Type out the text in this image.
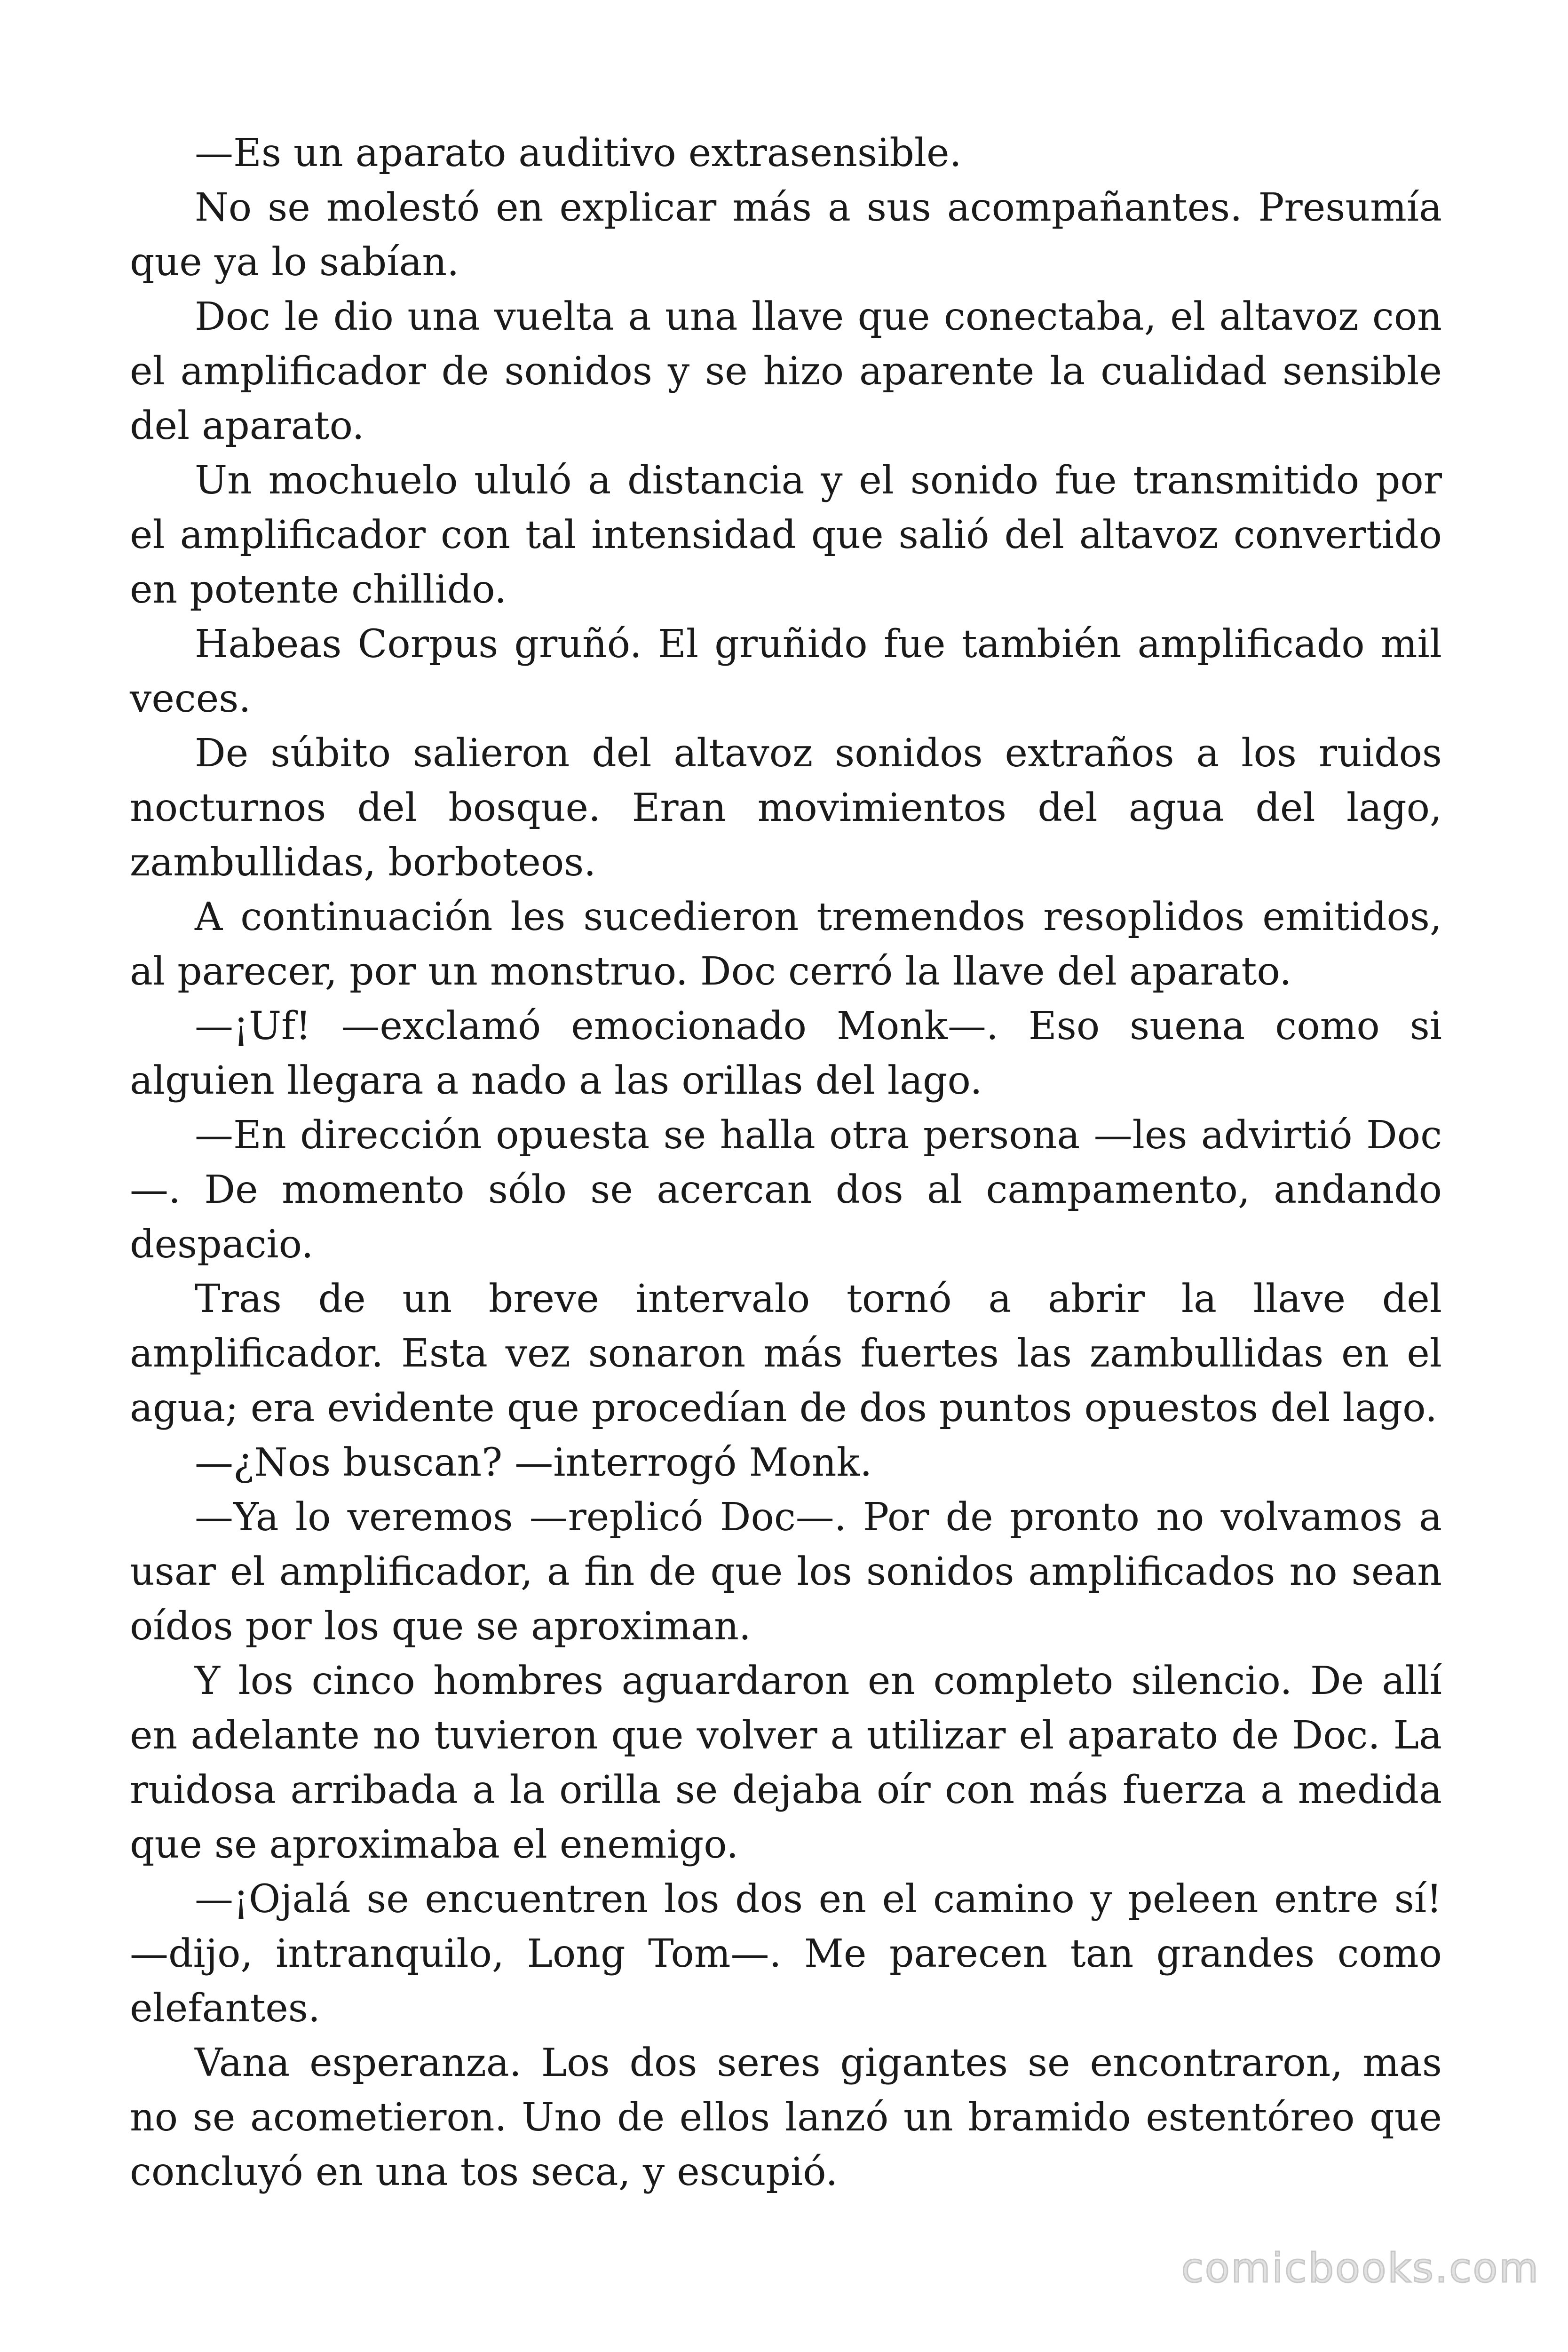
—Es un aparato auditivo extrasensible.

No se molestó en explicar más a sus acompañantes. Presumía que ya lo sabían.

Doc le dio una vuelta a una llave que conectaba, el altavoz con el amplificador de sonidos y se hizo aparente la cualidad sensible del aparato.

Un mochuelo ululó a distancia y el sonido fue transmitido por el amplificador con tal intensidad que salió del altavoz convertido en potente chillido.

Habeas Corpus gruñó. El gruñido fue también amplificado mil veces.

De súbito salieron del altavoz sonidos extraños a los ruidos nocturnos del bosque. Eran movimientos del agua del lago, zambullidas, borboteos.

A continuación les sucedieron tremendos resoplidos emitidos, al parecer, por un monstruo. Doc cerró la llave del aparato.

—¡Uf! —exclamó emocionado Monk—. Eso suena como si alguien llegara a nado a las orillas del lago.

—En dirección opuesta se halla otra persona —les advirtió Doc —. De momento sólo se acercan dos al campamento, andando despacio.

Tras de un breve intervalo tornó a abrir la llave del amplificador. Esta vez sonaron más fuertes las zambullidas en el agua; era evidente que procedían de dos puntos opuestos del lago.

—¿Nos buscan? —interrogó Monk.

—Ya lo veremos —replicó Doc—. Por de pronto no volvamos a usar el amplificador, a fin de que los sonidos amplificados no sean oídos por los que se aproximan.

Y los cinco hombres aguardaron en completo silencio. De allí en adelante no tuvieron que volver a utilizar el aparato de Doc. La ruidosa arribada a la orilla se dejaba oír con más fuerza a medida que se aproximaba el enemigo.

—¡Ojalá se encuentren los dos en el camino y peleen entre sí! —dijo, intranquilo, Long Tom—. Me parecen tan grandes como elefantes.

Vana esperanza. Los dos seres gigantes se encontraron, mas no se acometieron. Uno de ellos lanzó un bramido estentóreo que concluyó en una tos seca, y escupió.

comicbooks.com
